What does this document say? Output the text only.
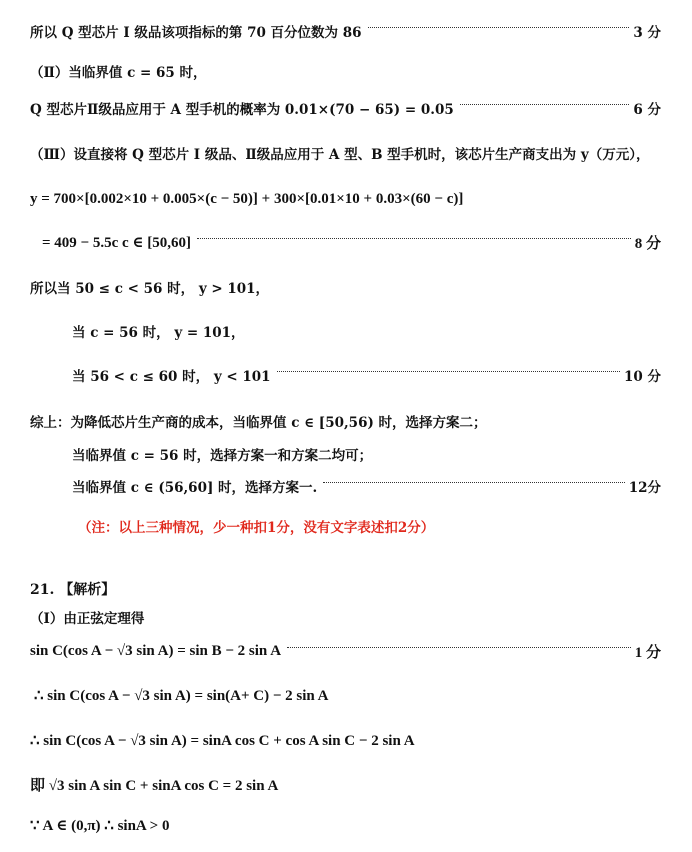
所以 Q 型芯片 I 级品该项指标的第 70 百分位数为 86	3 分
（Ⅱ）当临界值 c = 65 时，
Q 型芯片Ⅱ级品应用于 A 型手机的概率为 0.01×(70 − 65) = 0.05	6 分
（Ⅲ）设直接将 Q 型芯片 I 级品、Ⅱ级品应用于 A 型、B 型手机时，该芯片生产商支出为 y（万元），
y = 700×[0.002×10 + 0.005×(c − 50)] + 300×[0.01×10 + 0.03×(60 − c)]
= 409 − 5.5c c ∈ [50,60]	8 分
所以当 50 ≤ c < 56 时， y > 101，
当 c = 56 时， y = 101，
当 56 < c ≤ 60 时， y < 101	10 分
综上：为降低芯片生产商的成本，当临界值 c ∈ [50,56) 时，选择方案二；
当临界值 c = 56 时，选择方案一和方案二均可；
当临界值 c ∈ (56,60] 时，选择方案一.	12分
（注：以上三种情况，少一种扣1分，没有文字表述扣2分）
21. 【解析】
（Ⅰ）由正弦定理得
sin C(cos A − √3 sin A) = sin B − 2 sin A	1 分
∴ sin C(cos A − √3 sin A) = sin(A+ C) − 2 sin A
∴ sin C(cos A − √3 sin A) = sinA cos C + cos A sin C − 2 sin A
即 √3 sin A sin C + sinA cos C = 2 sin A
∵ A ∈ (0,π) ∴ sinA > 0
